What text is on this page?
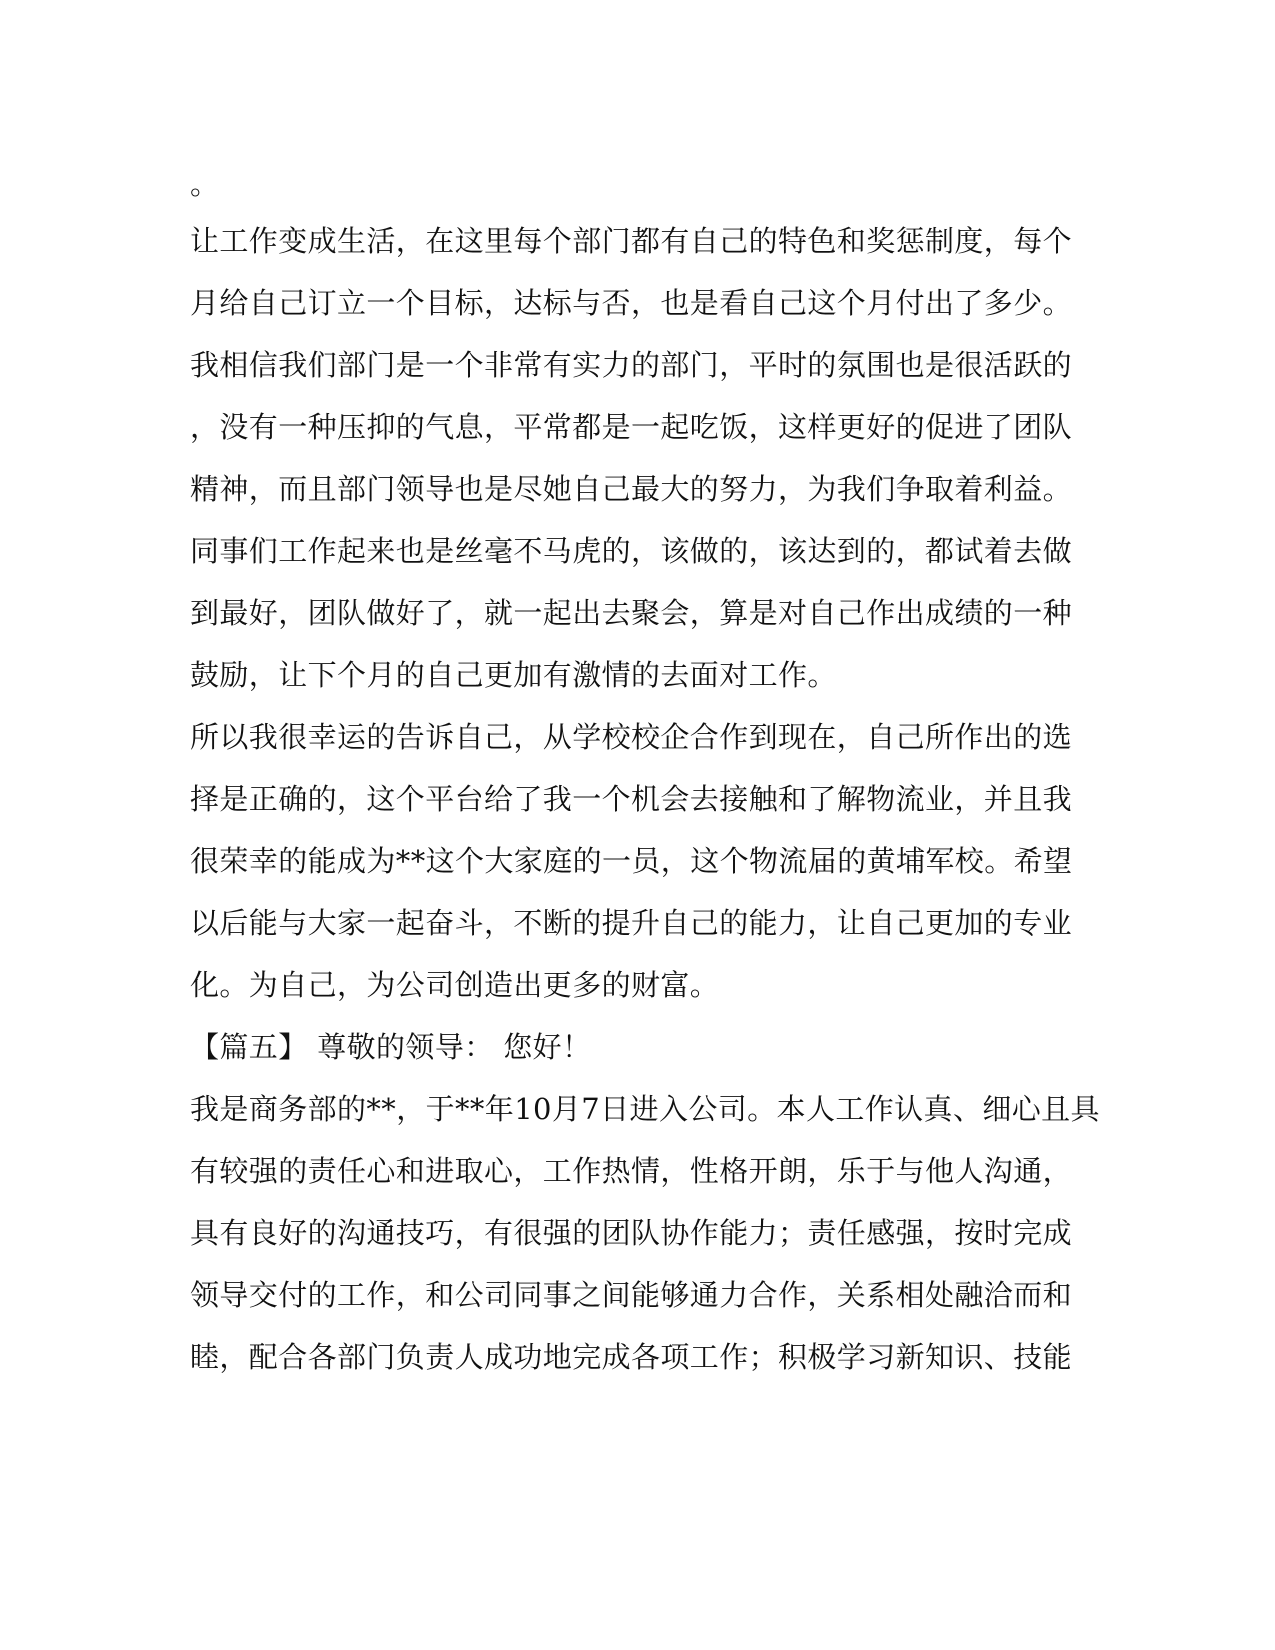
。

让工作变成生活，在这里每个部门都有自己的特色和奖惩制度，每个

月给自己订立一个目标，达标与否，也是看自己这个月付出了多少。

我相信我们部门是一个非常有实力的部门，平时的氛围也是很活跃的

，没有一种压抑的气息，平常都是一起吃饭，这样更好的促进了团队

精神，而且部门领导也是尽她自己最大的努力，为我们争取着利益。

同事们工作起来也是丝毫不马虎的，该做的，该达到的，都试着去做

到最好，团队做好了，就一起出去聚会，算是对自己作出成绩的一种

鼓励，让下个月的自己更加有激情的去面对工作。

所以我很幸运的告诉自己，从学校校企合作到现在，自己所作出的选

择是正确的，这个平台给了我一个机会去接触和了解物流业，并且我

很荣幸的能成为**这个大家庭的一员，这个物流届的黄埔军校。希望

以后能与大家一起奋斗，不断的提升自己的能力，让自己更加的专业

化。为自己，为公司创造出更多的财富。

【篇五】 尊敬的领导： 您好！

我是商务部的**，于**年10月7日进入公司。本人工作认真、细心且具

有较强的责任心和进取心，工作热情，性格开朗，乐于与他人沟通，

具有良好的沟通技巧，有很强的团队协作能力；责任感强，按时完成

领导交付的工作，和公司同事之间能够通力合作，关系相处融洽而和

睦，配合各部门负责人成功地完成各项工作；积极学习新知识、技能
